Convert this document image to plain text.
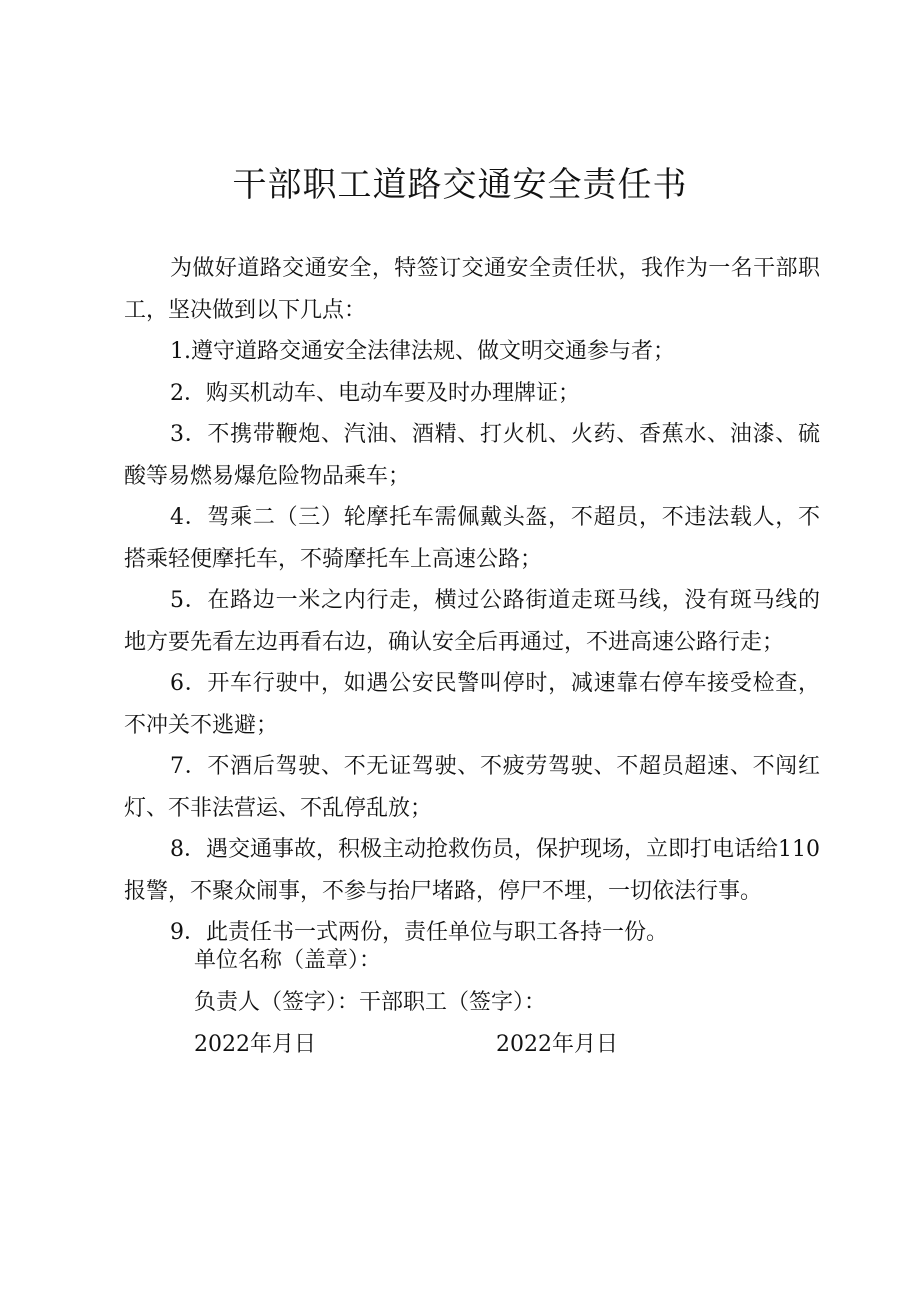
干部职工道路交通安全责任书

为做好道路交通安全，特签订交通安全责任状，我作为一名干部职工，坚决做到以下几点：

1.遵守道路交通安全法律法规、做文明交通参与者；

2．购买机动车、电动车要及时办理牌证；

3．不携带鞭炮、汽油、酒精、打火机、火药、香蕉水、油漆、硫酸等易燃易爆危险物品乘车；

4．驾乘二（三）轮摩托车需佩戴头盔，不超员，不违法载人，不搭乘轻便摩托车，不骑摩托车上高速公路；

5．在路边一米之内行走，横过公路街道走斑马线，没有斑马线的地方要先看左边再看右边，确认安全后再通过，不进高速公路行走；

6．开车行驶中，如遇公安民警叫停时，减速靠右停车接受检查，不冲关不逃避；

7．不酒后驾驶、不无证驾驶、不疲劳驾驶、不超员超速、不闯红灯、不非法营运、不乱停乱放；

8．遇交通事故，积极主动抢救伤员，保护现场，立即打电话给110报警，不聚众闹事，不参与抬尸堵路，停尸不埋，一切依法行事。

9．此责任书一式两份，责任单位与职工各持一份。

单位名称（盖章）：
负责人（签字）：干部职工（签字）：
2022年月日	2022年月日
